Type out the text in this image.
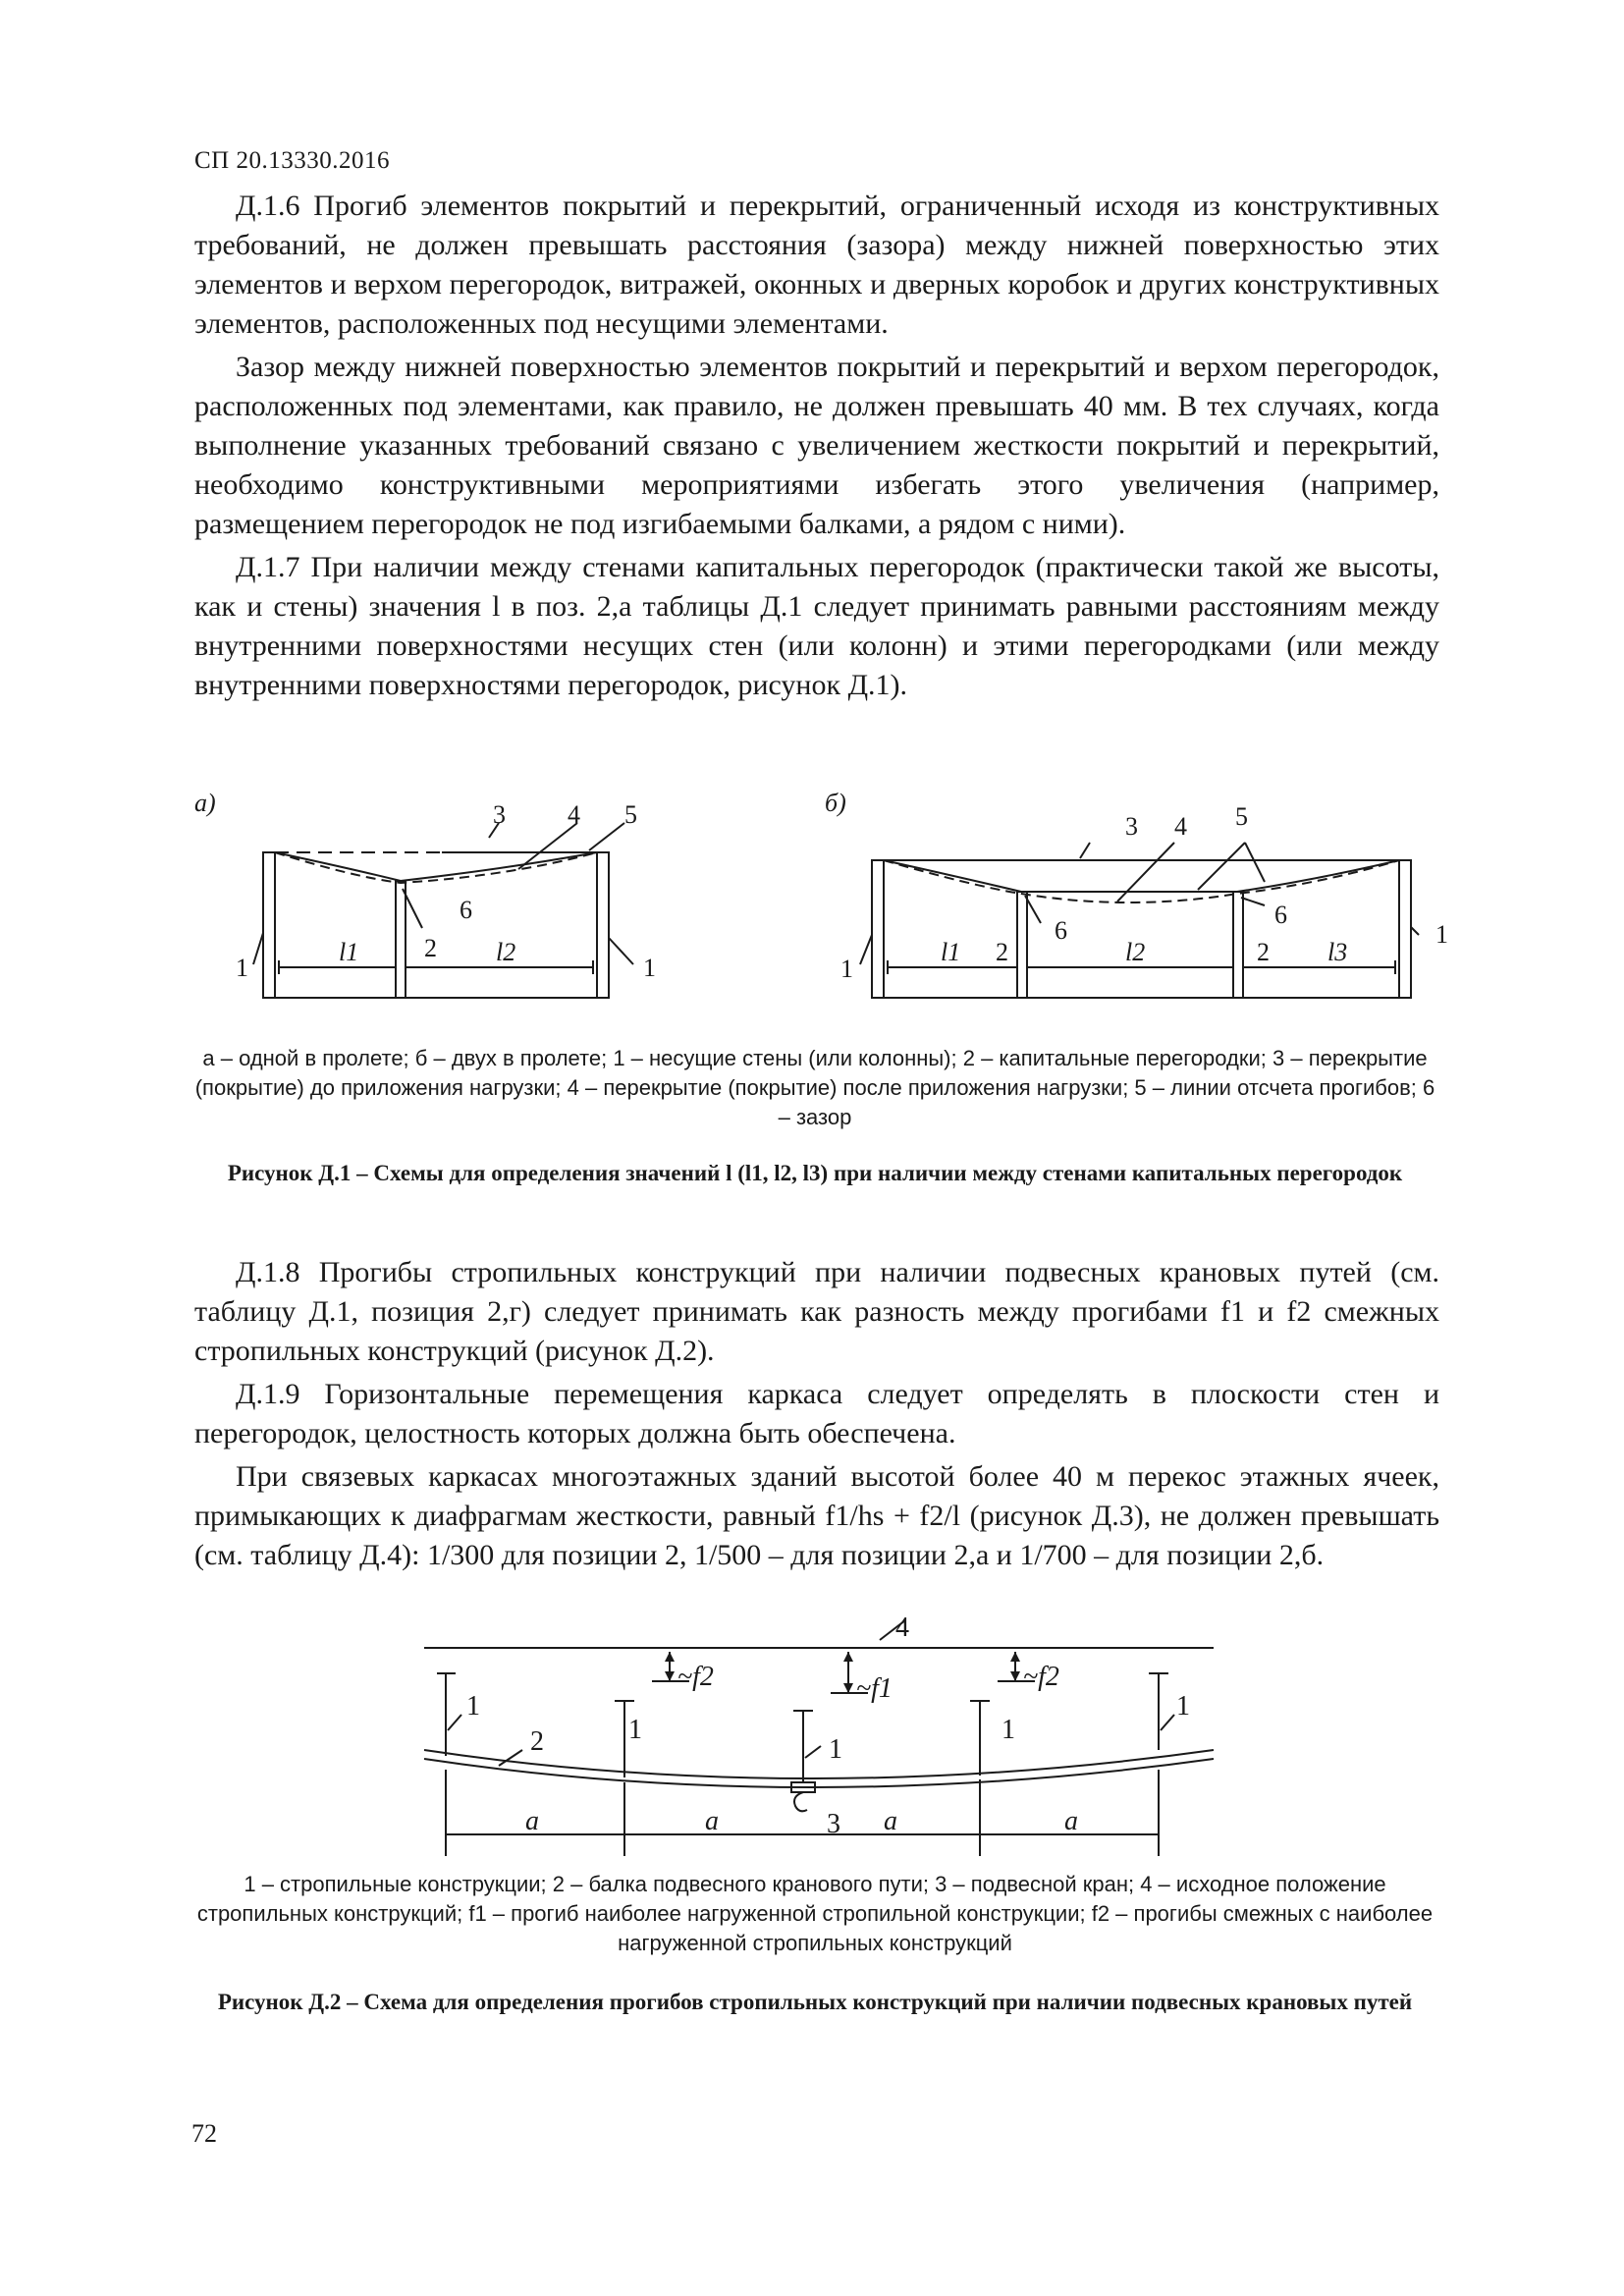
СП 20.13330.2016

Д.1.6 Прогиб элементов покрытий и перекрытий, ограниченный исходя из конструктивных требований, не должен превышать расстояния (зазора) между нижней поверхностью этих элементов и верхом перегородок, витражей, оконных и дверных коробок и других конструктивных элементов, расположенных под несущими элементами.

Зазор между нижней поверхностью элементов покрытий и перекрытий и верхом перегородок, расположенных под элементами, как правило, не должен превышать 40 мм. В тех случаях, когда выполнение указанных требований связано с увеличением жесткости покрытий и перекрытий, необходимо конструктивными мероприятиями избегать этого увеличения (например, размещением перегородок не под изгибаемыми балками, а рядом с ними).

Д.1.7 При наличии между стенами капитальных перегородок (практически такой же высоты, как и стены) значения l в поз. 2,а таблицы Д.1 следует принимать равными расстояниям между внутренними поверхностями несущих стен (или колонн) и этими перегородками (или между внутренними поверхностями перегородок, рисунок Д.1).

а)	б)
3 4 5
6
1
2
1
l1	l2
3 4 5
6
6
1
2	2
1
l1	l2	l3
а – одной в пролете; б – двух в пролете; 1 – несущие стены (или колонны); 2 – капитальные перегородки; 3 – перекрытие (покрытие) до приложения нагрузки; 4 – перекрытие (покрытие) после приложения нагрузки; 5 – линии отсчета прогибов; 6 – зазор
Рисунок Д.1 – Схемы для определения значений l (l1, l2, l3) при наличии между стенами капитальных перегородок

Д.1.8 Прогибы стропильных конструкций при наличии подвесных крановых путей (см. таблицу Д.1, позиция 2,г) следует принимать как разность между прогибами f1 и f2 смежных стропильных конструкций (рисунок Д.2).

Д.1.9 Горизонтальные перемещения каркаса следует определять в плоскости стен и перегородок, целостность которых должна быть обеспечена.

При связевых каркасах многоэтажных зданий высотой более 40 м перекос этажных ячеек, примыкающих к диафрагмам жесткости, равный f1/hs + f2/l (рисунок Д.3), не должен превышать (см. таблицу Д.4): 1/300 для позиции 2, 1/500 – для позиции 2,а и 1/700 – для позиции 2,б.

4
1
1
1
1
1
2
3
~f2	~f1	~f2
а	а	а	а
1 – стропильные конструкции; 2 – балка подвесного кранового пути; 3 – подвесной кран; 4 – исходное положение стропильных конструкций; f1 – прогиб наиболее нагруженной стропильной конструкции; f2 – прогибы смежных с наиболее нагруженной стропильных конструкций
Рисунок Д.2 – Схема для определения прогибов стропильных конструкций при наличии подвесных крановых путей
72
